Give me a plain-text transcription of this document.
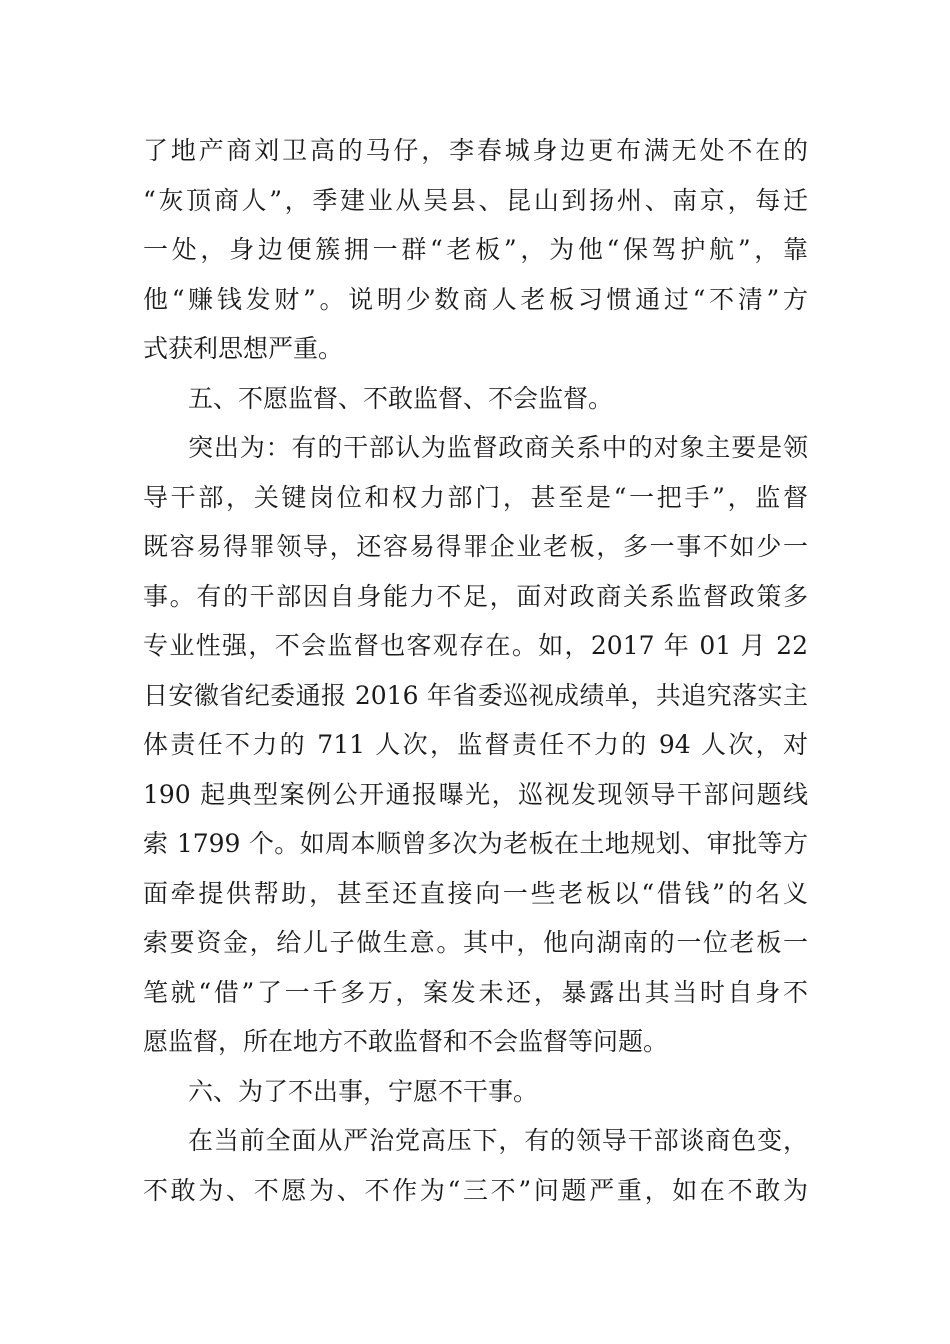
了地产商刘卫高的马仔，李春城身边更布满无处不在的
“灰顶商人”，季建业从吴县、昆山到扬州、南京，每迁
一处，身边便簇拥一群“老板”，为他“保驾护航”，靠
他“赚钱发财”。说明少数商人老板习惯通过“不清”方
式获利思想严重。
五、不愿监督、不敢监督、不会监督。
突出为：有的干部认为监督政商关系中的对象主要是领
导干部，关键岗位和权力部门，甚至是“一把手”，监督
既容易得罪领导，还容易得罪企业老板，多一事不如少一
事。有的干部因自身能力不足，面对政商关系监督政策多
专业性强，不会监督也客观存在。如，2017 年 01 月 22
日安徽省纪委通报 2016 年省委巡视成绩单，共追究落实主
体责任不力的 711 人次，监督责任不力的 94 人次，对
190 起典型案例公开通报曝光，巡视发现领导干部问题线
索 1799 个。如周本顺曾多次为老板在土地规划、审批等方
面牵提供帮助，甚至还直接向一些老板以“借钱”的名义
索要资金，给儿子做生意。其中，他向湖南的一位老板一
笔就“借”了一千多万，案发未还，暴露出其当时自身不
愿监督，所在地方不敢监督和不会监督等问题。
六、为了不出事，宁愿不干事。
在当前全面从严治党高压下，有的领导干部谈商色变，
不敢为、不愿为、不作为“三不”问题严重，如在不敢为
